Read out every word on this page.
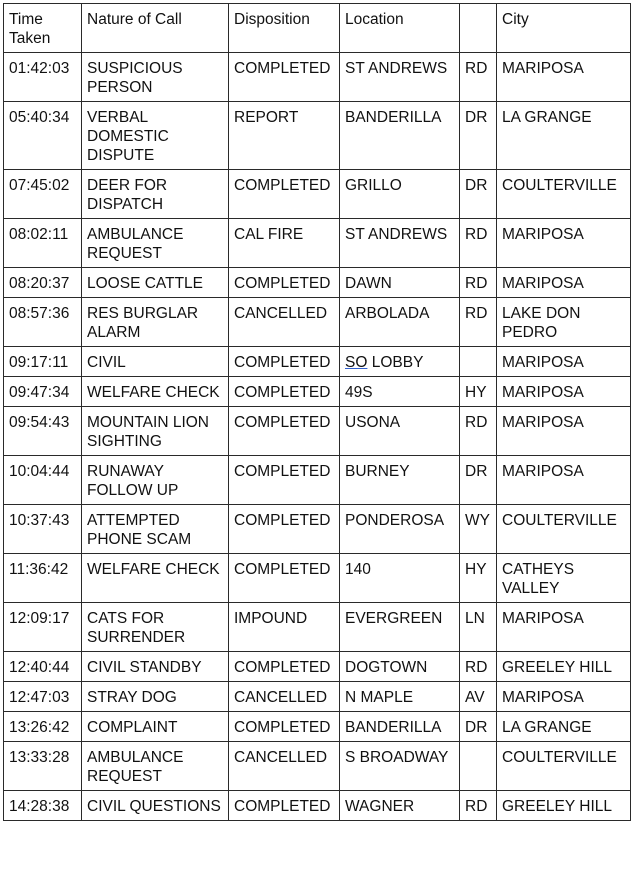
Time Taken	Nature of Call	Disposition	Location		City
01:42:03	SUSPICIOUS PERSON	COMPLETED	ST ANDREWS	RD	MARIPOSA
05:40:34	VERBAL DOMESTIC DISPUTE	REPORT	BANDERILLA	DR	LA GRANGE
07:45:02	DEER FOR DISPATCH	COMPLETED	GRILLO	DR	COULTERVILLE
08:02:11	AMBULANCE REQUEST	CAL FIRE	ST ANDREWS	RD	MARIPOSA
08:20:37	LOOSE CATTLE	COMPLETED	DAWN	RD	MARIPOSA
08:57:36	RES BURGLAR ALARM	CANCELLED	ARBOLADA	RD	LAKE DON PEDRO
09:17:11	CIVIL	COMPLETED	SO LOBBY		MARIPOSA
09:47:34	WELFARE CHECK	COMPLETED	49S	HY	MARIPOSA
09:54:43	MOUNTAIN LION SIGHTING	COMPLETED	USONA	RD	MARIPOSA
10:04:44	RUNAWAY FOLLOW UP	COMPLETED	BURNEY	DR	MARIPOSA
10:37:43	ATTEMPTED PHONE SCAM	COMPLETED	PONDEROSA	WY	COULTERVILLE
11:36:42	WELFARE CHECK	COMPLETED	140	HY	CATHEYS VALLEY
12:09:17	CATS FOR SURRENDER	IMPOUND	EVERGREEN	LN	MARIPOSA
12:40:44	CIVIL STANDBY	COMPLETED	DOGTOWN	RD	GREELEY HILL
12:47:03	STRAY DOG	CANCELLED	N MAPLE	AV	MARIPOSA
13:26:42	COMPLAINT	COMPLETED	BANDERILLA	DR	LA GRANGE
13:33:28	AMBULANCE REQUEST	CANCELLED	S BROADWAY		COULTERVILLE
14:28:38	CIVIL QUESTIONS	COMPLETED	WAGNER	RD	GREELEY HILL
